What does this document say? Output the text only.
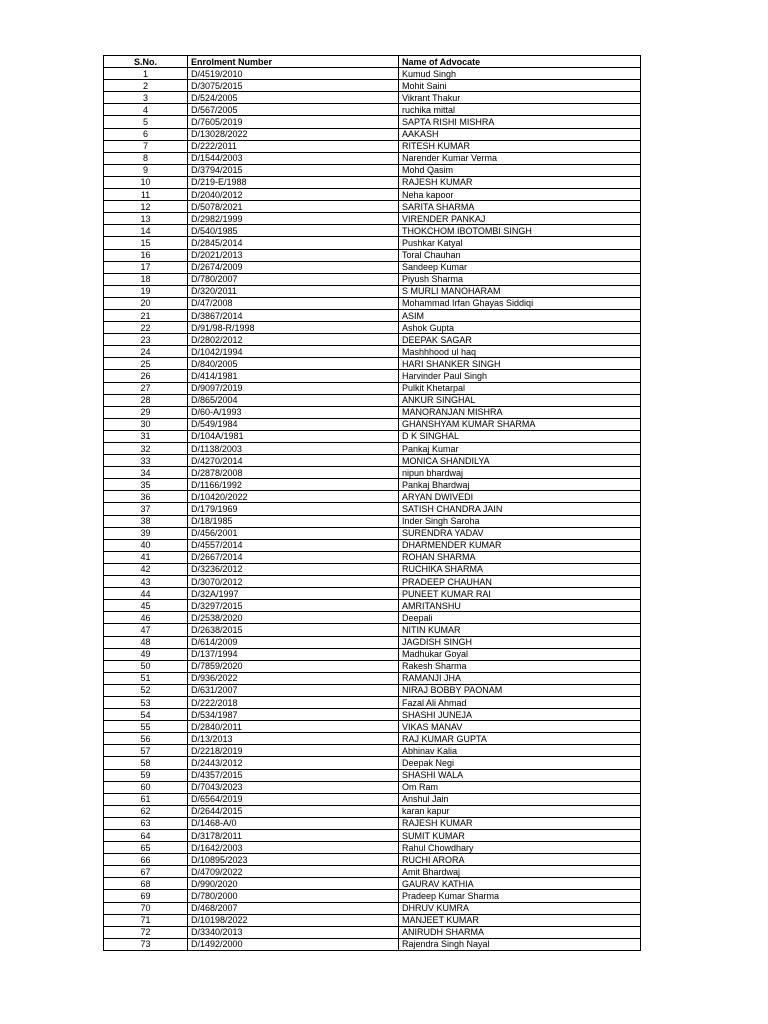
S.No.	Enrolment Number	Name of Advocate
1	D/4519/2010	Kumud Singh
2	D/3075/2015	Mohit Saini
3	D/524/2005	Vikrant Thakur
4	D/567/2005	ruchika mittal
5	D/7605/2019	SAPTA RISHI MISHRA
6	D/13028/2022	AAKASH
7	D/222/2011	RITESH KUMAR
8	D/1544/2003	Narender Kumar Verma
9	D/3794/2015	Mohd Qasim
10	D/219-E/1988	RAJESH KUMAR
11	D/2040/2012	Neha kapoor
12	D/5078/2021	SARITA SHARMA
13	D/2982/1999	VIRENDER PANKAJ
14	D/540/1985	THOKCHOM IBOTOMBI SINGH
15	D/2845/2014	Pushkar Katyal
16	D/2021/2013	Toral Chauhan
17	D/2674/2009	Sandeep Kumar
18	D/780/2007	Piyush Sharma
19	D/320/2011	S MURLI MANOHARAM
20	D/47/2008	Mohammad Irfan Ghayas Siddiqi
21	D/3867/2014	ASIM
22	D/91/98-R/1998	Ashok Gupta
23	D/2802/2012	DEEPAK SAGAR
24	D/1042/1994	Mashhhood ul haq
25	D/840/2005	HARI SHANKER SINGH
26	D/414/1981	Harvinder Paul Singh
27	D/9097/2019	Pulkit Khetarpal
28	D/865/2004	ANKUR SINGHAL
29	D/60-A/1993	MANORANJAN MISHRA
30	D/549/1984	GHANSHYAM KUMAR SHARMA
31	D/104A/1981	D K SINGHAL
32	D/1138/2003	Pankaj Kumar
33	D/4270/2014	MONICA SHANDILYA
34	D/2878/2008	nipun bhardwaj
35	D/1166/1992	Pankaj Bhardwaj
36	D/10420/2022	ARYAN DWIVEDI
37	D/179/1969	SATISH CHANDRA JAIN
38	D/18/1985	Inder Singh Saroha
39	D/456/2001	SURENDRA YADAV
40	D/4557/2014	DHARMENDER KUMAR
41	D/2667/2014	ROHAN SHARMA
42	D/3236/2012	RUCHIKA SHARMA
43	D/3070/2012	PRADEEP CHAUHAN
44	D/32A/1997	PUNEET KUMAR RAI
45	D/3297/2015	AMRITANSHU
46	D/2538/2020	Deepali
47	D/2638/2015	NITIN KUMAR
48	D/614/2009	JAGDISH SINGH
49	D/137/1994	Madhukar Goyal
50	D/7859/2020	Rakesh Sharma
51	D/936/2022	RAMANJI JHA
52	D/631/2007	NIRAJ BOBBY PAONAM
53	D/222/2018	Fazal Ali Ahmad
54	D/534/1987	SHASHI JUNEJA
55	D/2840/2011	VIKAS MANAV
56	D/13/2013	RAJ KUMAR GUPTA
57	D/2218/2019	Abhinav Kalia
58	D/2443/2012	Deepak Negi
59	D/4357/2015	SHASHI WALA
60	D/7043/2023	Om Ram
61	D/6564/2019	Anshul Jain
62	D/2644/2015	karan kapur
63	D/1468-A/0	RAJESH KUMAR
64	D/3178/2011	SUMIT KUMAR
65	D/1642/2003	Rahul Chowdhary
66	D/10895/2023	RUCHI ARORA
67	D/4709/2022	Amit Bhardwaj
68	D/990/2020	GAURAV KATHIA
69	D/780/2000	Pradeep Kumar Sharma
70	D/468/2007	DHRUV KUMRA
71	D/10198/2022	MANJEET KUMAR
72	D/3340/2013	ANIRUDH SHARMA
73	D/1492/2000	Rajendra Singh Nayal
